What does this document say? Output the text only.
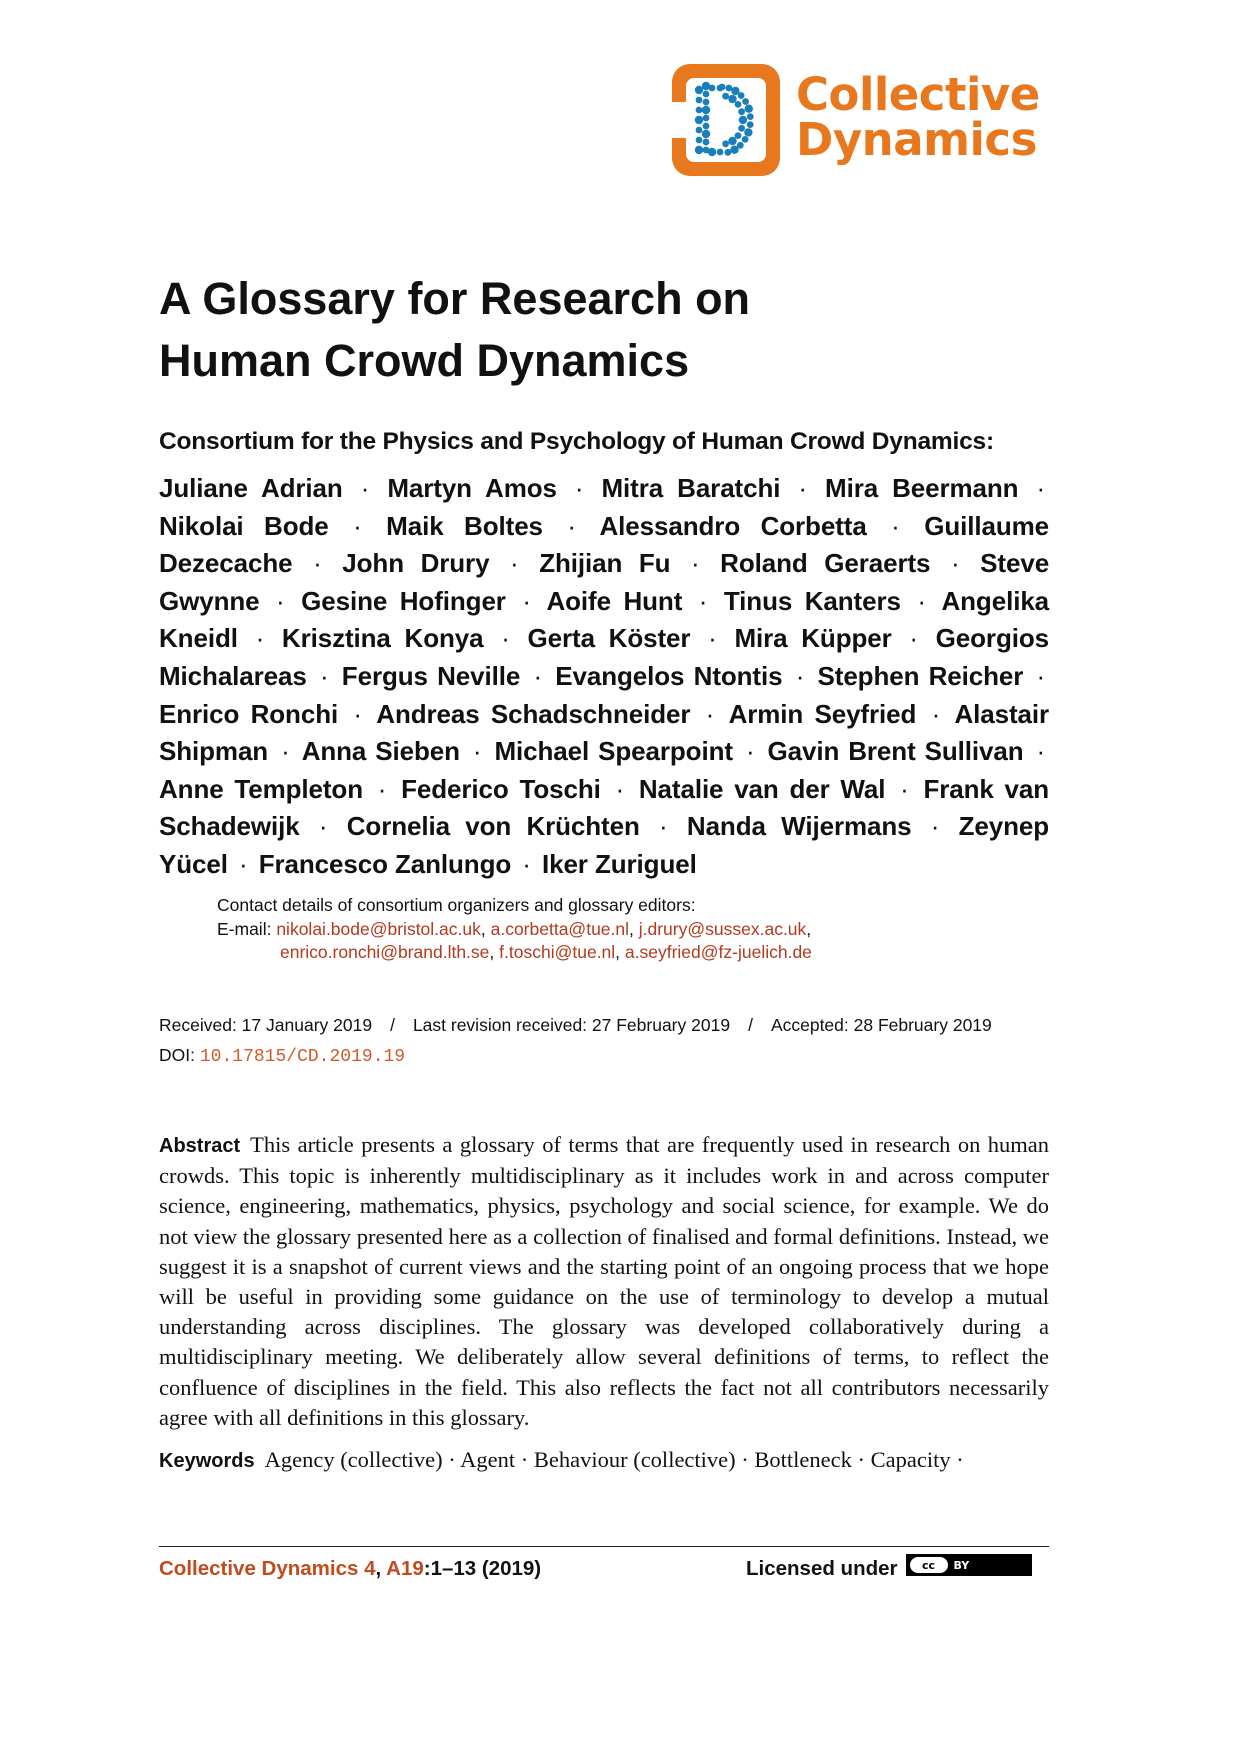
Collective
Dynamics
A Glossary for Research on
Human Crowd Dynamics
Consortium for the Physics and Psychology of Human Crowd Dynamics:
Juliane Adrian · Martyn Amos · Mitra Baratchi · Mira Beermann · Nikolai Bode · Maik Boltes · Alessandro Corbetta · Guillaume Dezecache · John Drury · Zhijian Fu · Roland Geraerts · Steve Gwynne · Gesine Hofinger · Aoife Hunt · Tinus Kanters · Angelika Kneidl · Krisztina Konya · Gerta Köster · Mira Küpper · Georgios Michalareas · Fergus Neville · Evangelos Ntontis · Stephen Reicher · Enrico Ronchi · Andreas Schadschneider · Armin Seyfried · Alastair Shipman · Anna Sieben · Michael Spearpoint · Gavin Brent Sullivan · Anne Templeton · Federico Toschi · Natalie van der Wal · Frank van Schadewijk · Cornelia von Krüchten · Nanda Wijermans · Zeynep Yücel · Francesco Zanlungo · Iker Zuriguel
Contact details of consortium organizers and glossary editors:
E-mail: nikolai.bode@bristol.ac.uk, a.corbetta@tue.nl, j.drury@sussex.ac.uk,
enrico.ronchi@brand.lth.se, f.toschi@tue.nl, a.seyfried@fz-juelich.de
Received: 17 January 2019 / Last revision received: 27 February 2019 / Accepted: 28 February 2019
DOI: 10.17815/CD.2019.19
Abstract This article presents a glossary of terms that are frequently used in research on human crowds. This topic is inherently multidisciplinary as it includes work in and across computer science, engineering, mathematics, physics, psychology and social science, for example. We do not view the glossary presented here as a collection of finalised and formal definitions. Instead, we suggest it is a snapshot of current views and the starting point of an ongoing process that we hope will be useful in providing some guidance on the use of terminology to develop a mutual understanding across disciplines. The glossary was developed collaboratively during a multidisciplinary meeting. We deliberately allow several definitions of terms, to reflect the confluence of disciplines in the field. This also reflects the fact not all contributors necessarily agree with all definitions in this glossary.
Keywords Agency (collective) · Agent · Behaviour (collective) · Bottleneck · Capacity ·
Collective Dynamics 4, A19:1–13 (2019)	Licensed under	cc	BY
